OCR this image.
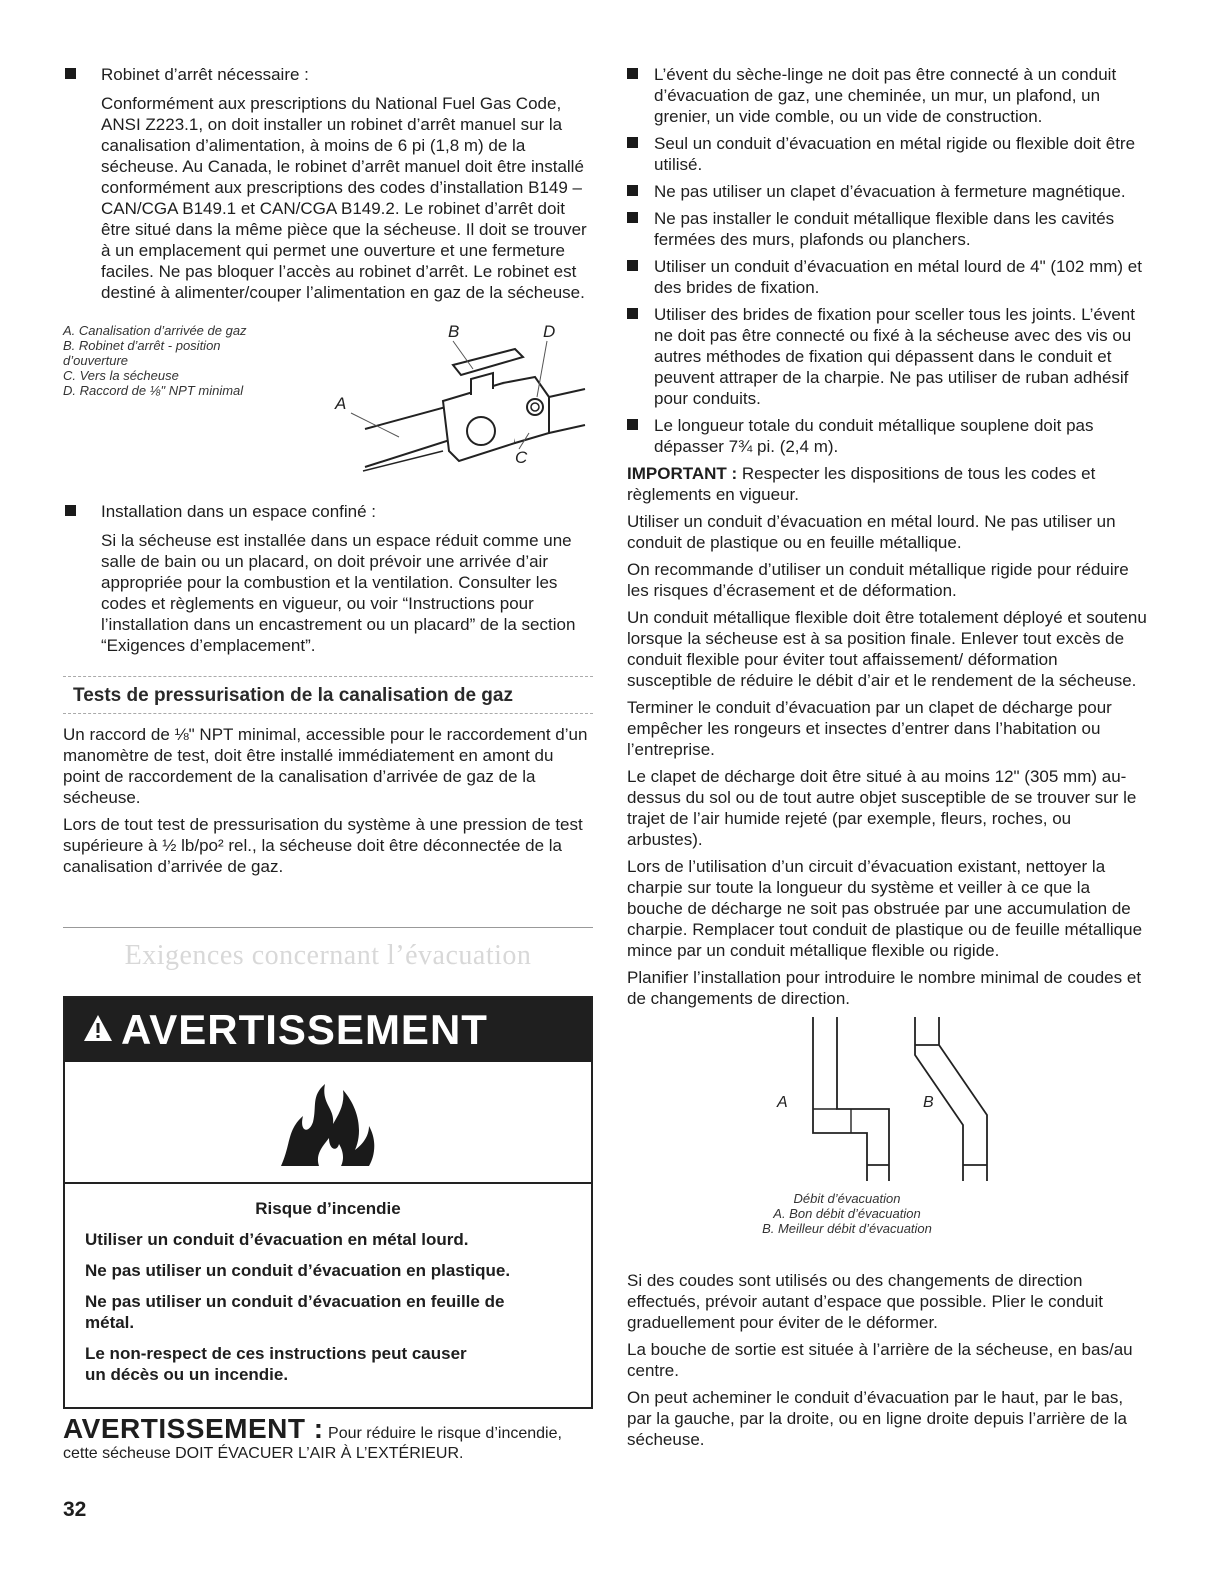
Robinet d’arrêt nécessaire :

Conformément aux prescriptions du National Fuel Gas Code, ANSI Z223.1, on doit installer un robinet d’arrêt manuel sur la canalisation d’alimentation, à moins de 6 pi (1,8 m) de la sécheuse. Au Canada, le robinet d’arrêt manuel doit être installé conformément aux prescriptions des codes d’installation B149 – CAN/CGA B149.1 et CAN/CGA B149.2. Le robinet d’arrêt doit être situé dans la même pièce que la sécheuse. Il doit se trouver à un emplacement qui permet une ouverture et une fermeture faciles. Ne pas bloquer l’accès au robinet d’arrêt. Le robinet est destiné à alimenter/couper l’alimentation en gaz de la sécheuse.

A. Canalisation d’arrivée de gaz

B. Robinet d’arrêt - position d’ouverture

C. Vers la sécheuse

D. Raccord de ⅛" NPT minimal

B	D
A
C

Installation dans un espace confiné :

Si la sécheuse est installée dans un espace réduit comme une salle de bain ou un placard, on doit prévoir une arrivée d’air appropriée pour la combustion et la ventilation. Consulter les codes et règlements en vigueur, ou voir “Instructions pour l’installation dans un encastrement ou un placard” de la section “Exigences d’emplacement”.

Tests de pressurisation de la canalisation de gaz

Un raccord de ⅛" NPT minimal, accessible pour le raccordement d’un manomètre de test, doit être installé immédiatement en amont du point de raccordement de la canalisation d’arrivée de gaz de la sécheuse.

Lors de tout test de pressurisation du système à une pression de test supérieure à ½ lb/po² rel., la sécheuse doit être déconnectée de la canalisation d’arrivée de gaz.

Exigences concernant l’évacuation

AVERTISSEMENT

Risque d’incendie

Utiliser un conduit d’évacuation en métal lourd.

Ne pas utiliser un conduit d’évacuation en plastique.

Ne pas utiliser un conduit d’évacuation en feuille de métal.

Le non-respect de ces instructions peut causer un décès ou un incendie.

AVERTISSEMENT : Pour réduire le risque d’incendie, cette sécheuse DOIT ÉVACUER L’AIR À L’EXTÉRIEUR.

L’évent du sèche-linge ne doit pas être connecté à un conduit d’évacuation de gaz, une cheminée, un mur, un plafond, un grenier, un vide comble, ou un vide de construction.

Seul un conduit d’évacuation en métal rigide ou flexible doit être utilisé.

Ne pas utiliser un clapet d’évacuation à fermeture magnétique.

Ne pas installer le conduit métallique flexible dans les cavités fermées des murs, plafonds ou planchers.

Utiliser un conduit d’évacuation en métal lourd de 4" (102 mm) et des brides de fixation.

Utiliser des brides de fixation pour sceller tous les joints. L’évent ne doit pas être connecté ou fixé à la sécheuse avec des vis ou autres méthodes de fixation qui dépassent dans le conduit et peuvent attraper de la charpie. Ne pas utiliser de ruban adhésif pour conduits.

Le longueur totale du conduit métallique souplene doit pas dépasser 7¾ pi. (2,4 m).

IMPORTANT : Respecter les dispositions de tous les codes et règlements en vigueur.

Utiliser un conduit d’évacuation en métal lourd. Ne pas utiliser un conduit de plastique ou en feuille métallique.

On recommande d’utiliser un conduit métallique rigide pour réduire les risques d’écrasement et de déformation.

Un conduit métallique flexible doit être totalement déployé et soutenu lorsque la sécheuse est à sa position finale. Enlever tout excès de conduit flexible pour éviter tout affaissement/ déformation susceptible de réduire le débit d’air et le rendement de la sécheuse.

Terminer le conduit d’évacuation par un clapet de décharge pour empêcher les rongeurs et insectes d’entrer dans l’habitation ou l’entreprise.

Le clapet de décharge doit être situé à au moins 12" (305 mm) au-dessus du sol ou de tout autre objet susceptible de se trouver sur le trajet de l’air humide rejeté (par exemple, fleurs, roches, ou arbustes).

Lors de l’utilisation d’un circuit d’évacuation existant, nettoyer la charpie sur toute la longueur du système et veiller à ce que la bouche de décharge ne soit pas obstruée par une accumulation de charpie. Remplacer tout conduit de plastique ou de feuille métallique mince par un conduit métallique flexible ou rigide.

Planifier l’installation pour introduire le nombre minimal de coudes et de changements de direction.

A	B

Débit d’évacuation

A. Bon débit d’évacuation

B. Meilleur débit d’évacuation

Si des coudes sont utilisés ou des changements de direction effectués, prévoir autant d’espace que possible. Plier le conduit graduellement pour éviter de le déformer.

La bouche de sortie est située à l’arrière de la sécheuse, en bas/au centre.

On peut acheminer le conduit d’évacuation par le haut, par le bas, par la gauche, par la droite, ou en ligne droite depuis l’arrière de la sécheuse.

32
